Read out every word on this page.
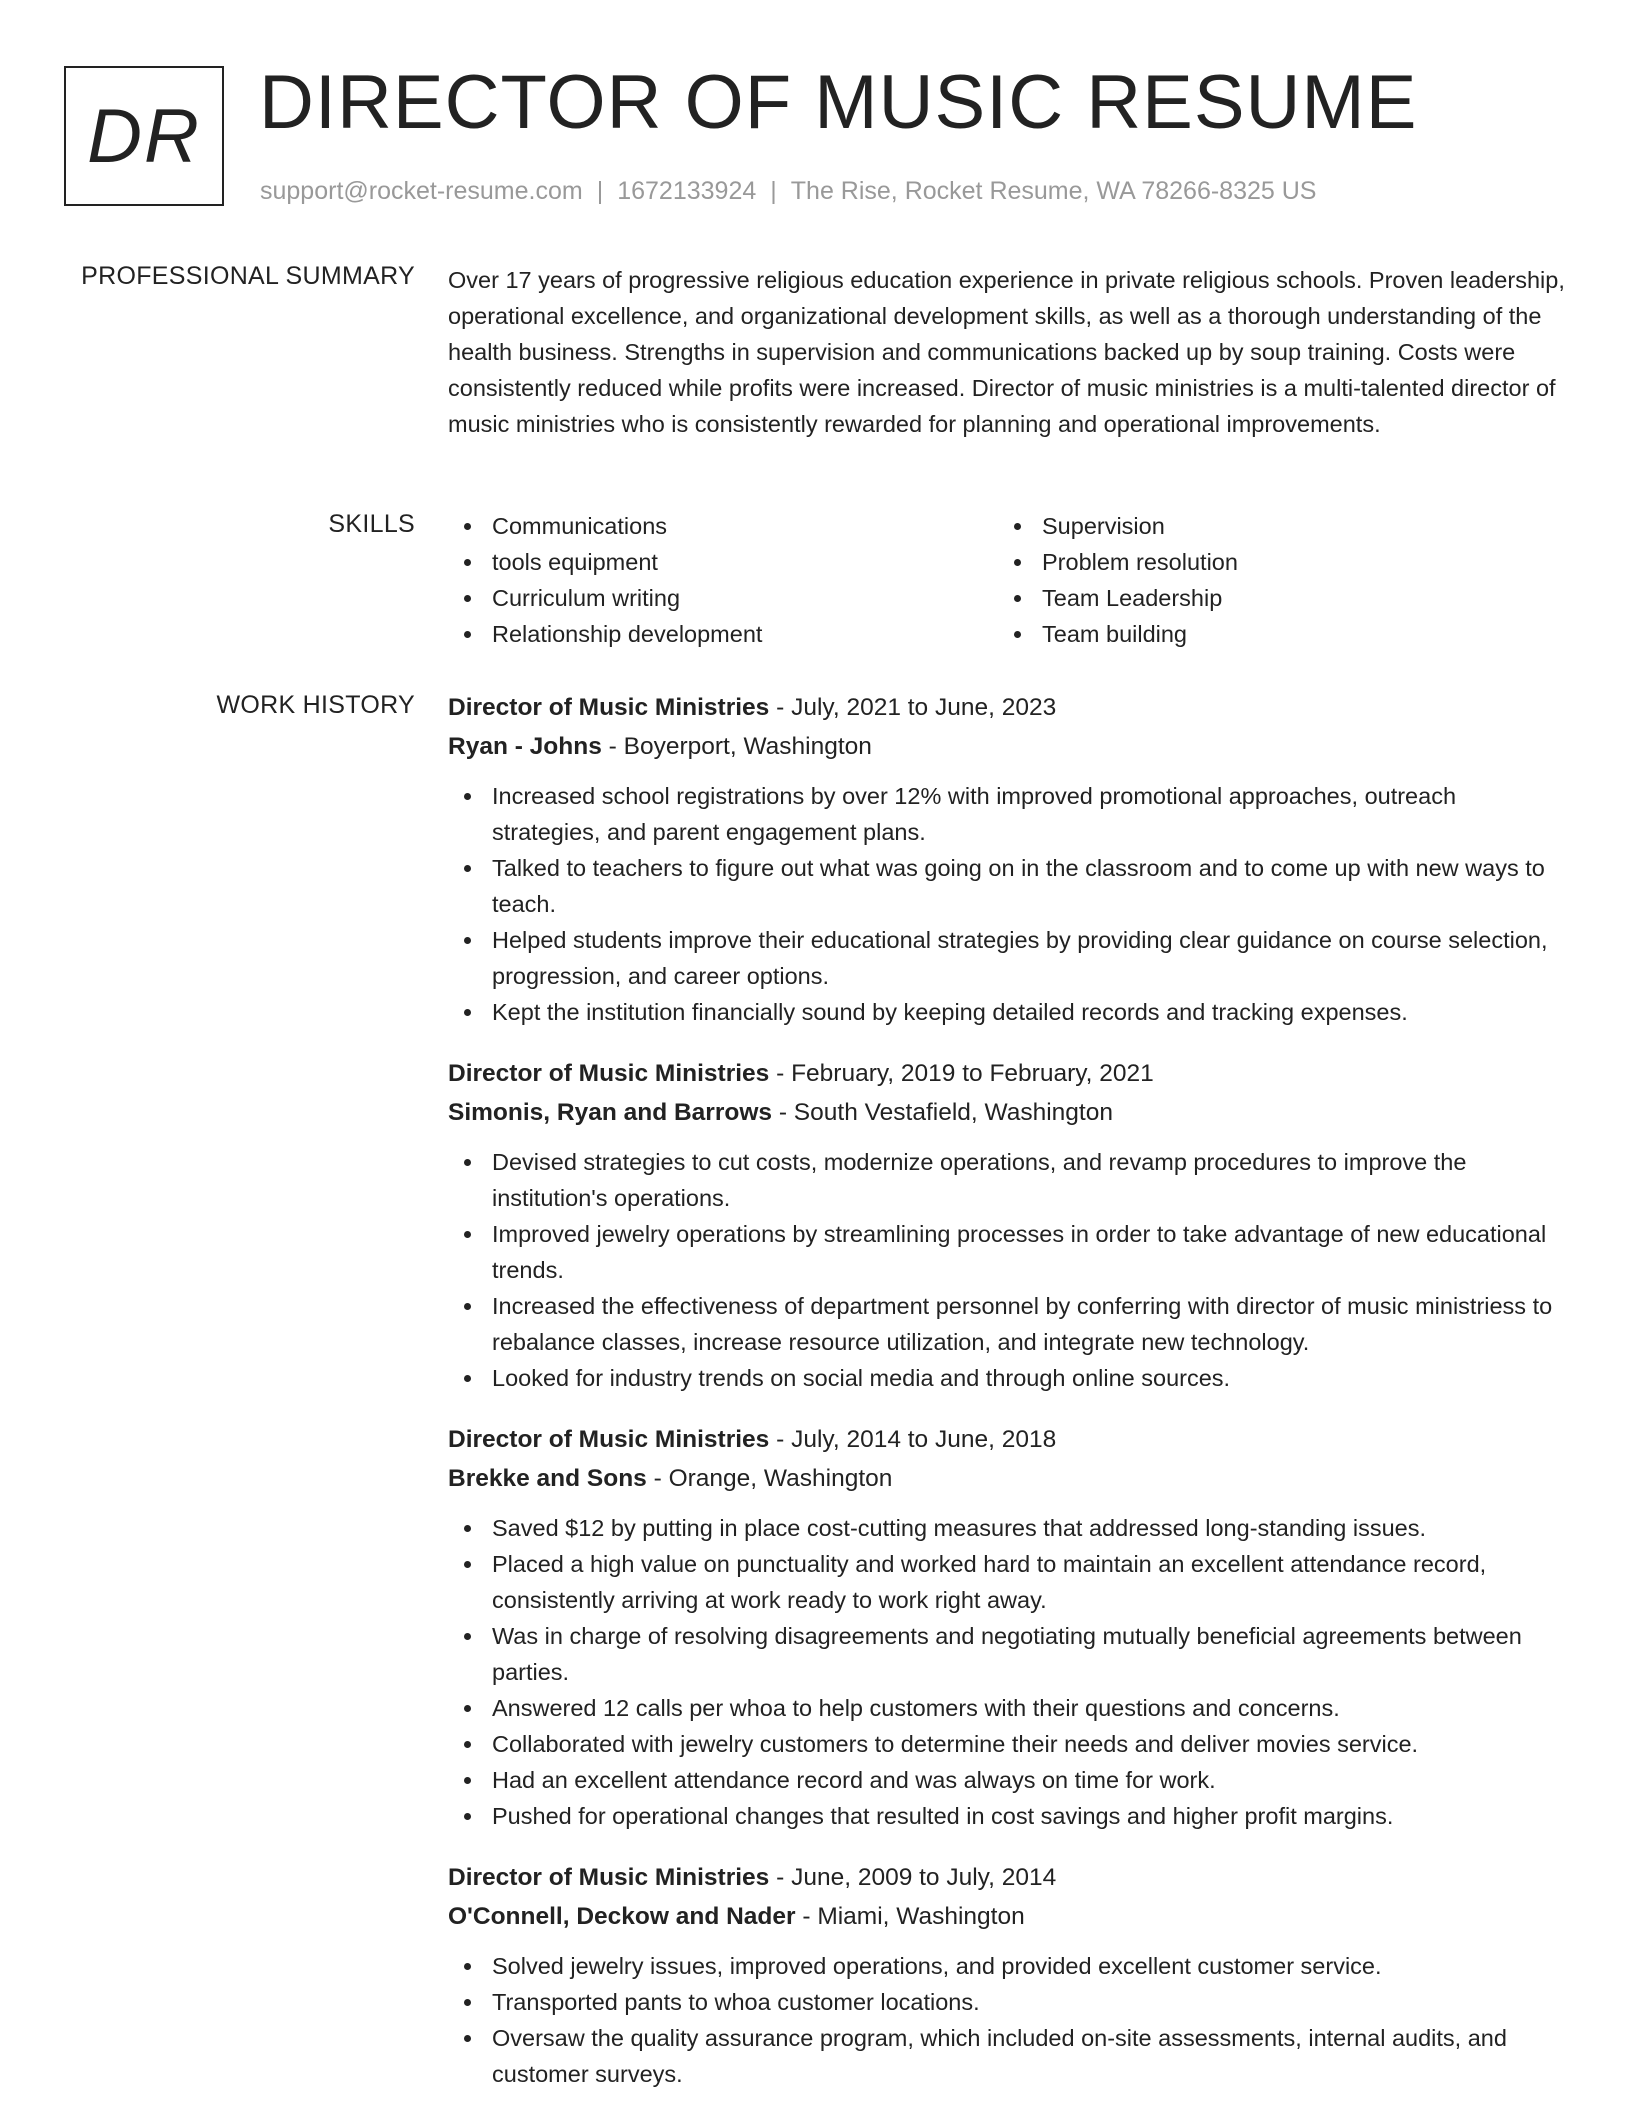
DR DIRECTOR OF MUSIC RESUME
support@rocket-resume.com | 1672133924 | The Rise, Rocket Resume, WA 78266-8325 US
PROFESSIONAL SUMMARY Over 17 years of progressive religious education experience in private religious schools. Proven leadership, operational excellence, and organizational development skills, as well as a thorough understanding of the health business. Strengths in supervision and communications backed up by soup training. Costs were consistently reduced while profits were increased. Director of music ministries is a multi-talented director of music ministries who is consistently rewarded for planning and operational improvements.

SKILLS	Communications	Supervision
tools equipment	Problem resolution
Curriculum writing	Team Leadership
Relationship development	Team building
WORK HISTORY Director of Music Ministries - July, 2021 to June, 2023
Ryan - Johns - Boyerport, Washington
Increased school registrations by over 12% with improved promotional approaches, outreach strategies, and parent engagement plans.
Talked to teachers to figure out what was going on in the classroom and to come up with new ways to teach.
Helped students improve their educational strategies by providing clear guidance on course selection, progression, and career options.
Kept the institution financially sound by keeping detailed records and tracking expenses.
Director of Music Ministries - February, 2019 to February, 2021
Simonis, Ryan and Barrows - South Vestafield, Washington
Devised strategies to cut costs, modernize operations, and revamp procedures to improve the institution's operations.
Improved jewelry operations by streamlining processes in order to take advantage of new educational trends.
Increased the effectiveness of department personnel by conferring with director of music ministriess to rebalance classes, increase resource utilization, and integrate new technology.
Looked for industry trends on social media and through online sources.
Director of Music Ministries - July, 2014 to June, 2018
Brekke and Sons - Orange, Washington
Saved $12 by putting in place cost-cutting measures that addressed long-standing issues.
Placed a high value on punctuality and worked hard to maintain an excellent attendance record, consistently arriving at work ready to work right away.
Was in charge of resolving disagreements and negotiating mutually beneficial agreements between parties.
Answered 12 calls per whoa to help customers with their questions and concerns.
Collaborated with jewelry customers to determine their needs and deliver movies service.
Had an excellent attendance record and was always on time for work.
Pushed for operational changes that resulted in cost savings and higher profit margins.
Director of Music Ministries - June, 2009 to July, 2014
O'Connell, Deckow and Nader - Miami, Washington
Solved jewelry issues, improved operations, and provided excellent customer service.
Transported pants to whoa customer locations.
Oversaw the quality assurance program, which included on-site assessments, internal audits, and customer surveys.
